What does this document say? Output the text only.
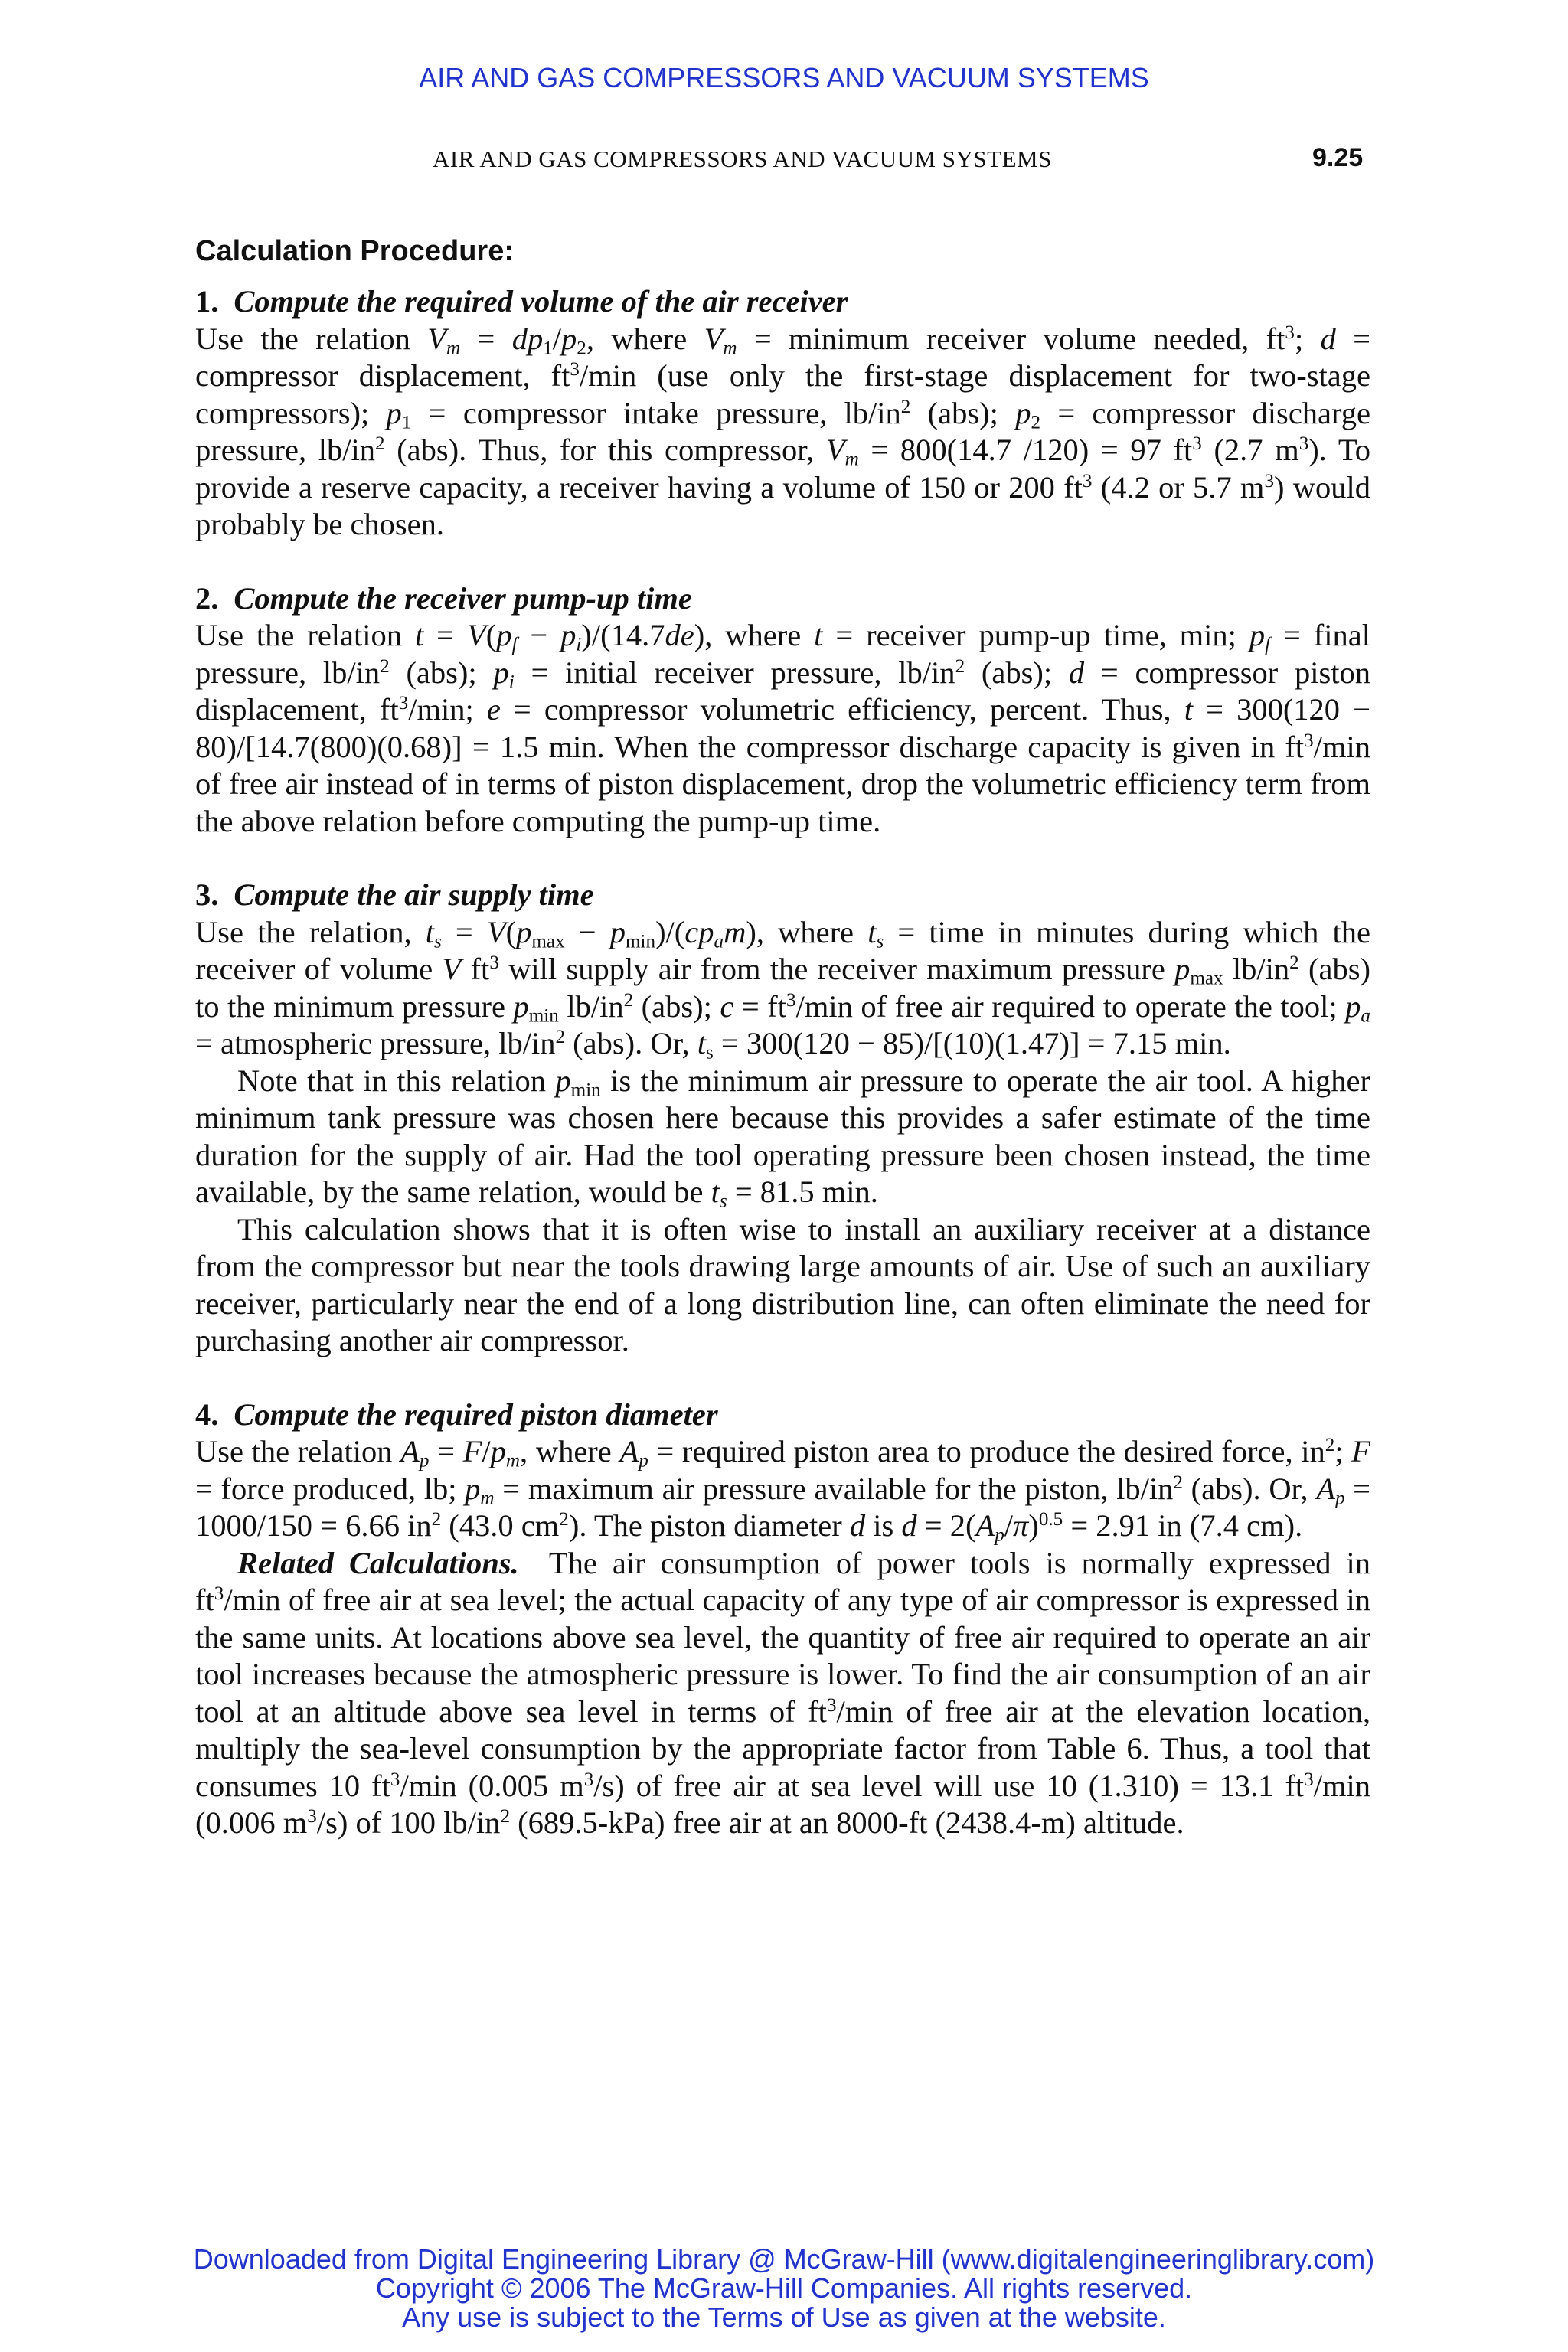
AIR AND GAS COMPRESSORS AND VACUUM SYSTEMS
AIR AND GAS COMPRESSORS AND VACUUM SYSTEMS	9.25
Calculation Procedure:
1. Compute the required volume of the air receiver

Use the relation $V_m = dp_1/p_2$, where $V_m$ = minimum receiver volume needed, $ft^3$; d = compressor displacement, $ft^3/\min$ (use only the first-stage displacement for two-stage compressors); $p_1$ = compressor intake pressure, $lb/in^2$ (abs); $p_2$ = compressor discharge pressure, $lb/in^2$ (abs). Thus, for this compressor, $V_m = 800(14.7$ /120) = 97 $ft^3$ (2.7 $m^3$). To provide a reserve capacity, a receiver having a volume of 150 or 200 $ft^3$ (4.2 or 5.7 $m^3$) would probably be chosen.

2. Compute the receiver pump-up time

Use the relation $t = V(p_f - p_i)/(14.7de)$, where t = receiver pump-up time, min; $p_f$ = final pressure, $lb/in^2$ (abs); $p_i$ = initial receiver pressure, $lb/in^2$ (abs); d = compressor piston displacement, $ft^3/\min$; e = compressor volumetric efficiency, percent. Thus, t = 300(120 − 80)/[14.7(800)(0.68)] = 1.5 min. When the compressor discharge capacity is given in $ft^3/\min$ of free air instead of in terms of piston displacement, drop the volumetric efficiency term from the above relation before computing the pump-up time.

3. Compute the air supply time

Use the relation, $t_s = V(p_{max} - p_{min})/(cp_am)$, where $t_s$ = time in minutes during which the receiver of volume V $ft^3$ will supply air from the receiver maximum pressure $p_{max}$ $lb/in^2$ (abs) to the minimum pressure $p_{min}$ $lb/in^2$ (abs); $c = ft^3/\min$ of free air required to operate the tool; $p_a$ = atmospheric pressure, $lb/in^2$ (abs). Or, $t_s = 300(120 - 85)/[(10)(1.47)] = 7.15$ min.

Note that in this relation $p_{min}$ is the minimum air pressure to operate the air tool. A higher minimum tank pressure was chosen here because this provides a safer estimate of the time duration for the supply of air. Had the tool operating pressure been chosen instead, the time available, by the same relation, would be $t_s = 81.5$ min.

This calculation shows that it is often wise to install an auxiliary receiver at a distance from the compressor but near the tools drawing large amounts of air. Use of such an auxiliary receiver, particularly near the end of a long distribution line, can often eliminate the need for purchasing another air compressor.

4. Compute the required piston diameter

Use the relation $A_p = F/p_m$, where $A_p$ = required piston area to produce the desired force, $in^2$; F = force produced, lb; $p_m$ = maximum air pressure available for the piston, $lb/in^2$ (abs). Or, $A_p = 1000/150 = 6.66$ $in^2$ (43.0 $cm^2$). The piston diameter d is $d = 2(A_p/\pi)^{0.5} = 2.91$ in (7.4 cm).

Related Calculations.  The air consumption of power tools is normally expressed in $ft^3/\min$ of free air at sea level; the actual capacity of any type of air compressor is expressed in the same units. At locations above sea level, the quantity of free air required to operate an air tool increases because the atmospheric pressure is lower. To find the air consumption of an air tool at an altitude above sea level in terms of $ft^3/\min$ of free air at the elevation location, multiply the sea-level consumption by the appropriate factor from Table 6. Thus, a tool that consumes 10 $ft^3/\min$ (0.005 $m^3/s$) of free air at sea level will use 10 (1.310) = 13.1 $ft^3/\min$ (0.006 $m^3/s$) of 100 $lb/in^2$ (689.5-kPa) free air at an 8000-ft (2438.4-m) altitude.

Downloaded from Digital Engineering Library @ McGraw-Hill (www.digitalengineeringlibrary.com)
Copyright © 2006 The McGraw-Hill Companies. All rights reserved.
Any use is subject to the Terms of Use as given at the website.
